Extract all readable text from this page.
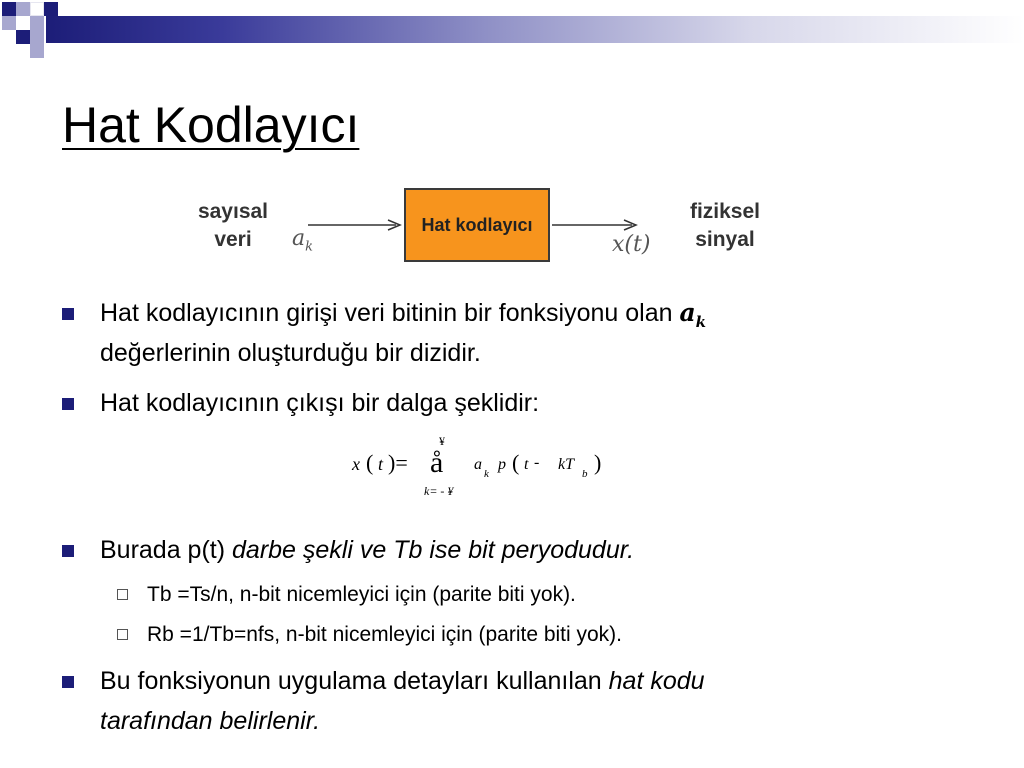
Hat Kodlayıcı
sayısal
veri	$a_k$
Hat kodlayıcı
x(t)
fiziksel
sinyal
Hat kodlayıcının girişi veri bitinin bir fonksiyonu olan $a_k$
değerlerinin oluşturduğu bir dizidir.
Hat kodlayıcının çıkışı bir dalga şeklidir:
x ( t )=
¥
å
k= - ¥
a
k
p ( t - kT
b )
Burada p(t) darbe şekli ve Tb ise bit peryodudur.
Tb =Ts/n, n-bit nicemleyici için (parite biti yok).
Rb =1/Tb=nfs, n-bit nicemleyici için (parite biti yok).
Bu fonksiyonun uygulama detayları kullanılan hat kodu
tarafından belirlenir.
